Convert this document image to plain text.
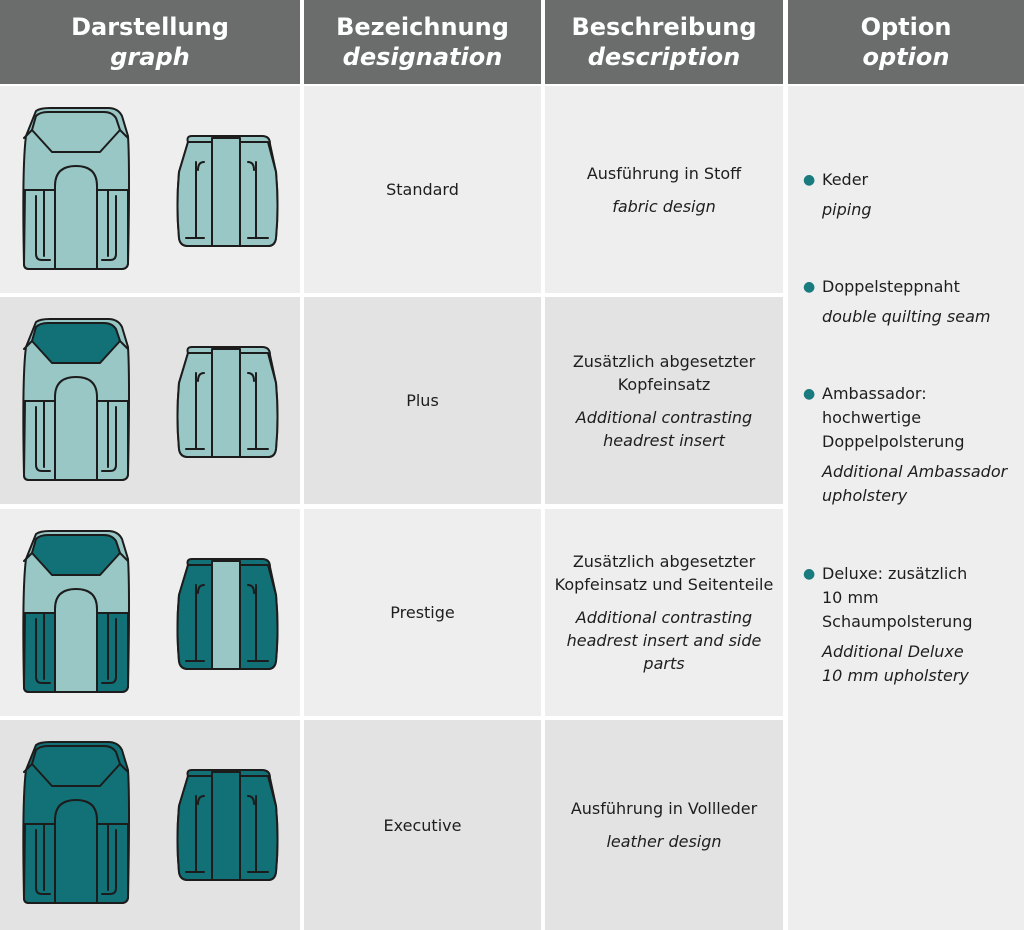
Darstellung
graph
Bezeichnung
designation
Beschreibung
description
Option
option
Standard
Plus
Prestige
Executive
Ausführung in Stoff
fabric design
Zusätzlich abgesetzter Kopfeinsatz
Additional contrasting headrest insert
Zusätzlich abgesetzter Kopfeinsatz und Seitenteile
Additional contrasting headrest insert and side parts
Ausführung in Vollleder
leather design
● Keder
piping
● Doppelsteppnaht
double quilting seam
● Ambassador: hochwertige Doppelpolsterung
Additional Ambassador upholstery
● Deluxe: zusätzlich 10 mm Schaumpolsterung
Additional Deluxe 10 mm upholstery
